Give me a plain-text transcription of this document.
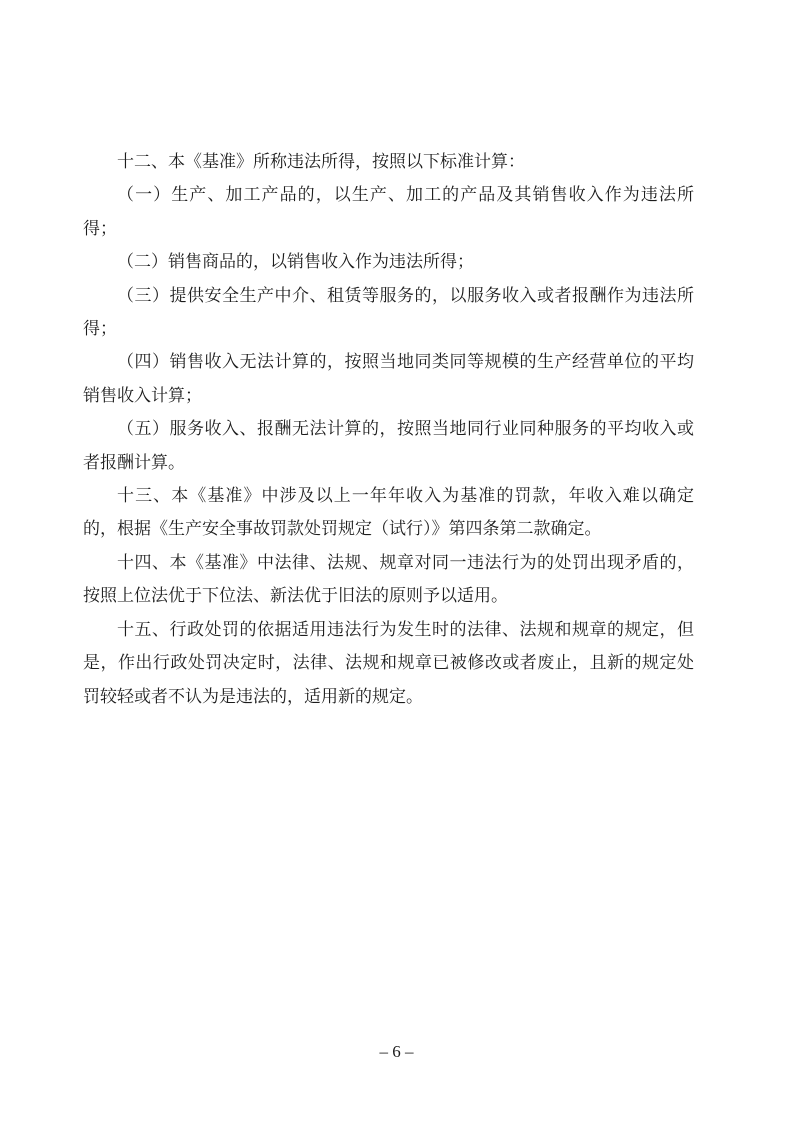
十二、本《基准》所称违法所得，按照以下标准计算：

（一）生产、加工产品的，以生产、加工的产品及其销售收入作为违法所得；

（二）销售商品的，以销售收入作为违法所得；

（三）提供安全生产中介、租赁等服务的，以服务收入或者报酬作为违法所得；

（四）销售收入无法计算的，按照当地同类同等规模的生产经营单位的平均销售收入计算；

（五）服务收入、报酬无法计算的，按照当地同行业同种服务的平均收入或者报酬计算。

十三、本《基准》中涉及以上一年年收入为基准的罚款，年收入难以确定的，根据《生产安全事故罚款处罚规定（试行）》第四条第二款确定。

十四、本《基准》中法律、法规、规章对同一违法行为的处罚出现矛盾的，按照上位法优于下位法、新法优于旧法的原则予以适用。

十五、行政处罚的依据适用违法行为发生时的法律、法规和规章的规定，但是，作出行政处罚决定时，法律、法规和规章已被修改或者废止，且新的规定处罚较轻或者不认为是违法的，适用新的规定。

– 6 –
